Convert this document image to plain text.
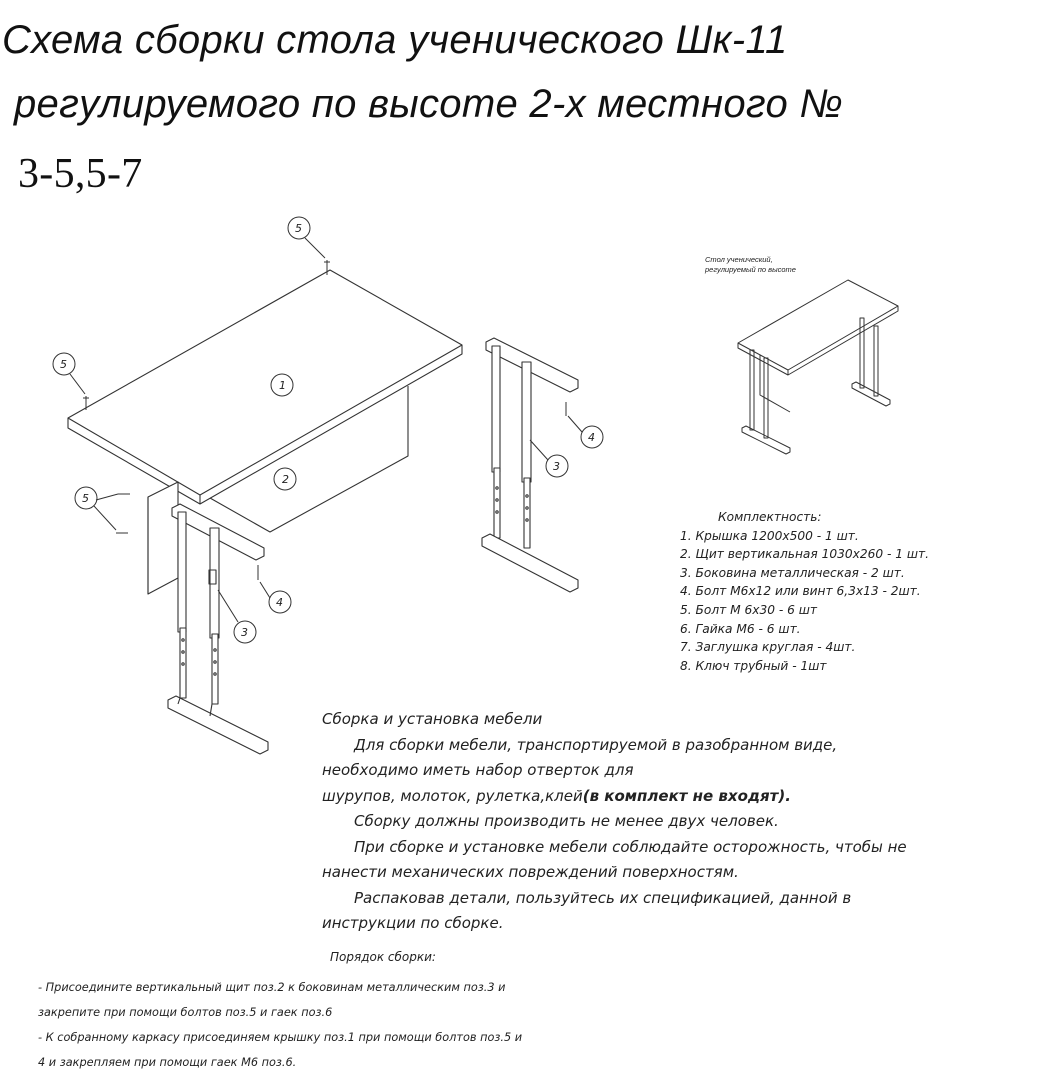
Схема сборки стола ученического Шк-11
регулируемого по высоте 2-х местного №
3-5,5-7
5
5
1
2
5
4
3
4
3
Стол ученический,
регулируемый по высоте
Комплектность:
1. Крышка 1200х500 - 1 шт.
2. Щит вертикальная 1030х260 - 1 шт.
3. Боковина металлическая - 2 шт.
4. Болт М6х12 или винт 6,3х13 - 2шт.
5. Болт М 6х30 - 6 шт
6. Гайка М6 - 6 шт.
7. Заглушка круглая - 4шт.
8. Ключ трубный - 1шт
Сборка и установка мебели
Для сборки мебели, транспортируемой в разобранном виде,
необходимо иметь набор отверток для
шурупов, молоток, рулетка,клей(в комплект не входят).
Сборку должны производить не менее двух человек.
При сборке и установке мебели соблюдайте осторожность, чтобы не
нанести механических повреждений поверхностям.
Распаковав детали, пользуйтесь их спецификацией, данной в
инструкции по сборке.
Порядок сборки:
- Присоедините вертикальный щит поз.2 к боковинам металлическим поз.3 и
закрепите при помощи болтов поз.5 и гаек поз.6
- К собранному каркасу присоединяем крышку поз.1 при помощи болтов поз.5 и
4 и закрепляем при помощи гаек М6 поз.6.
